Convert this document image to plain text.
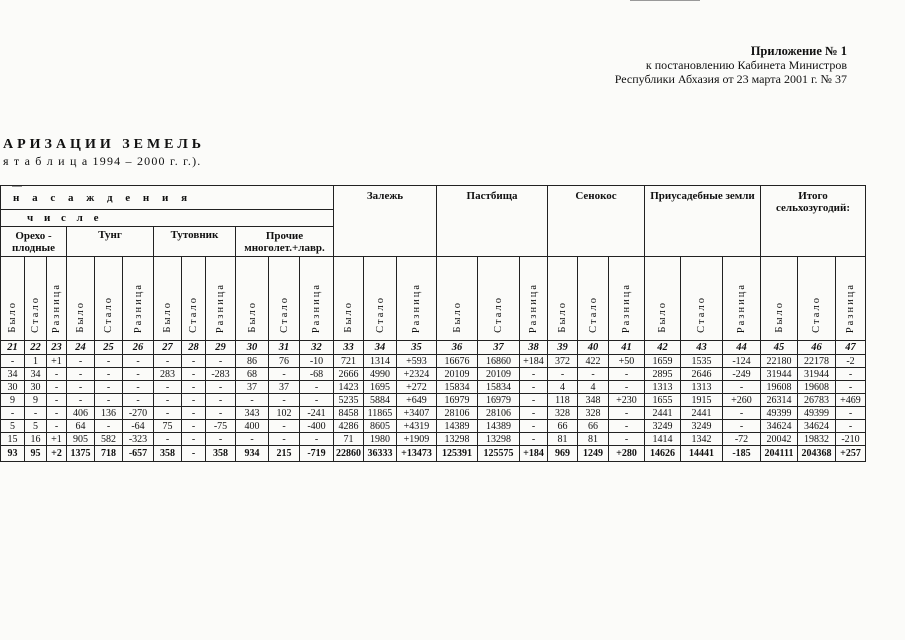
Приложение № 1
к постановлению Кабинета Министров
Республики Абхазия от 23 марта 2001 г. № 37
АРИЗАЦИИ ЗЕМЕЛЬ
я т а б л и ц а 1994 – 2000 г. г.).
н а с а ж д е н и я												Залежь			Пастбища			Сенокос			Приусадебные земли			Итого сельхозугодий:		
ч и с л е																										
Орехо - плодные			Тунг			Тутовник			Прочие многолет.+лавр.																	
Было	Стало	Разница	Было	Стало	Разница	Было	Стало	Разница	Было	Стало	Разница	Было	Стало	Разница	Было	Стало	Разница	Было	Стало	Разница	Было	Стало	Разница	Было	Стало	Разница
21	22	23	24	25	26	27	28	29	30	31	32	33	34	35	36	37	38	39	40	41	42	43	44	45	46	47
-	1	+1	-	-	-	-	-	-	86	76	-10	721	1314	+593	16676	16860	+184	372	422	+50	1659	1535	-124	22180	22178	-2
34	34	-	-	-	-	283	-	-283	68	-	-68	2666	4990	+2324	20109	20109	-	-	-	-	2895	2646	-249	31944	31944	-
30	30	-	-	-	-	-	-	-	37	37	-	1423	1695	+272	15834	15834	-	4	4	-	1313	1313	-	19608	19608	-
9	9	-	-	-	-	-	-	-	-	-	-	5235	5884	+649	16979	16979	-	118	348	+230	1655	1915	+260	26314	26783	+469
-	-	-	406	136	-270	-	-	-	343	102	-241	8458	11865	+3407	28106	28106	-	328	328	-	2441	2441	-	49399	49399	-
5	5	-	64	-	-64	75	-	-75	400	-	-400	4286	8605	+4319	14389	14389	-	66	66	-	3249	3249	-	34624	34624	-
15	16	+1	905	582	-323	-	-	-	-	-	-	71	1980	+1909	13298	13298	-	81	81	-	1414	1342	-72	20042	19832	-210
93	95	+2	1375	718	-657	358	-	358	934	215	-719	22860	36333	+13473	125391	125575	+184	969	1249	+280	14626	14441	-185	204111	204368	+257
